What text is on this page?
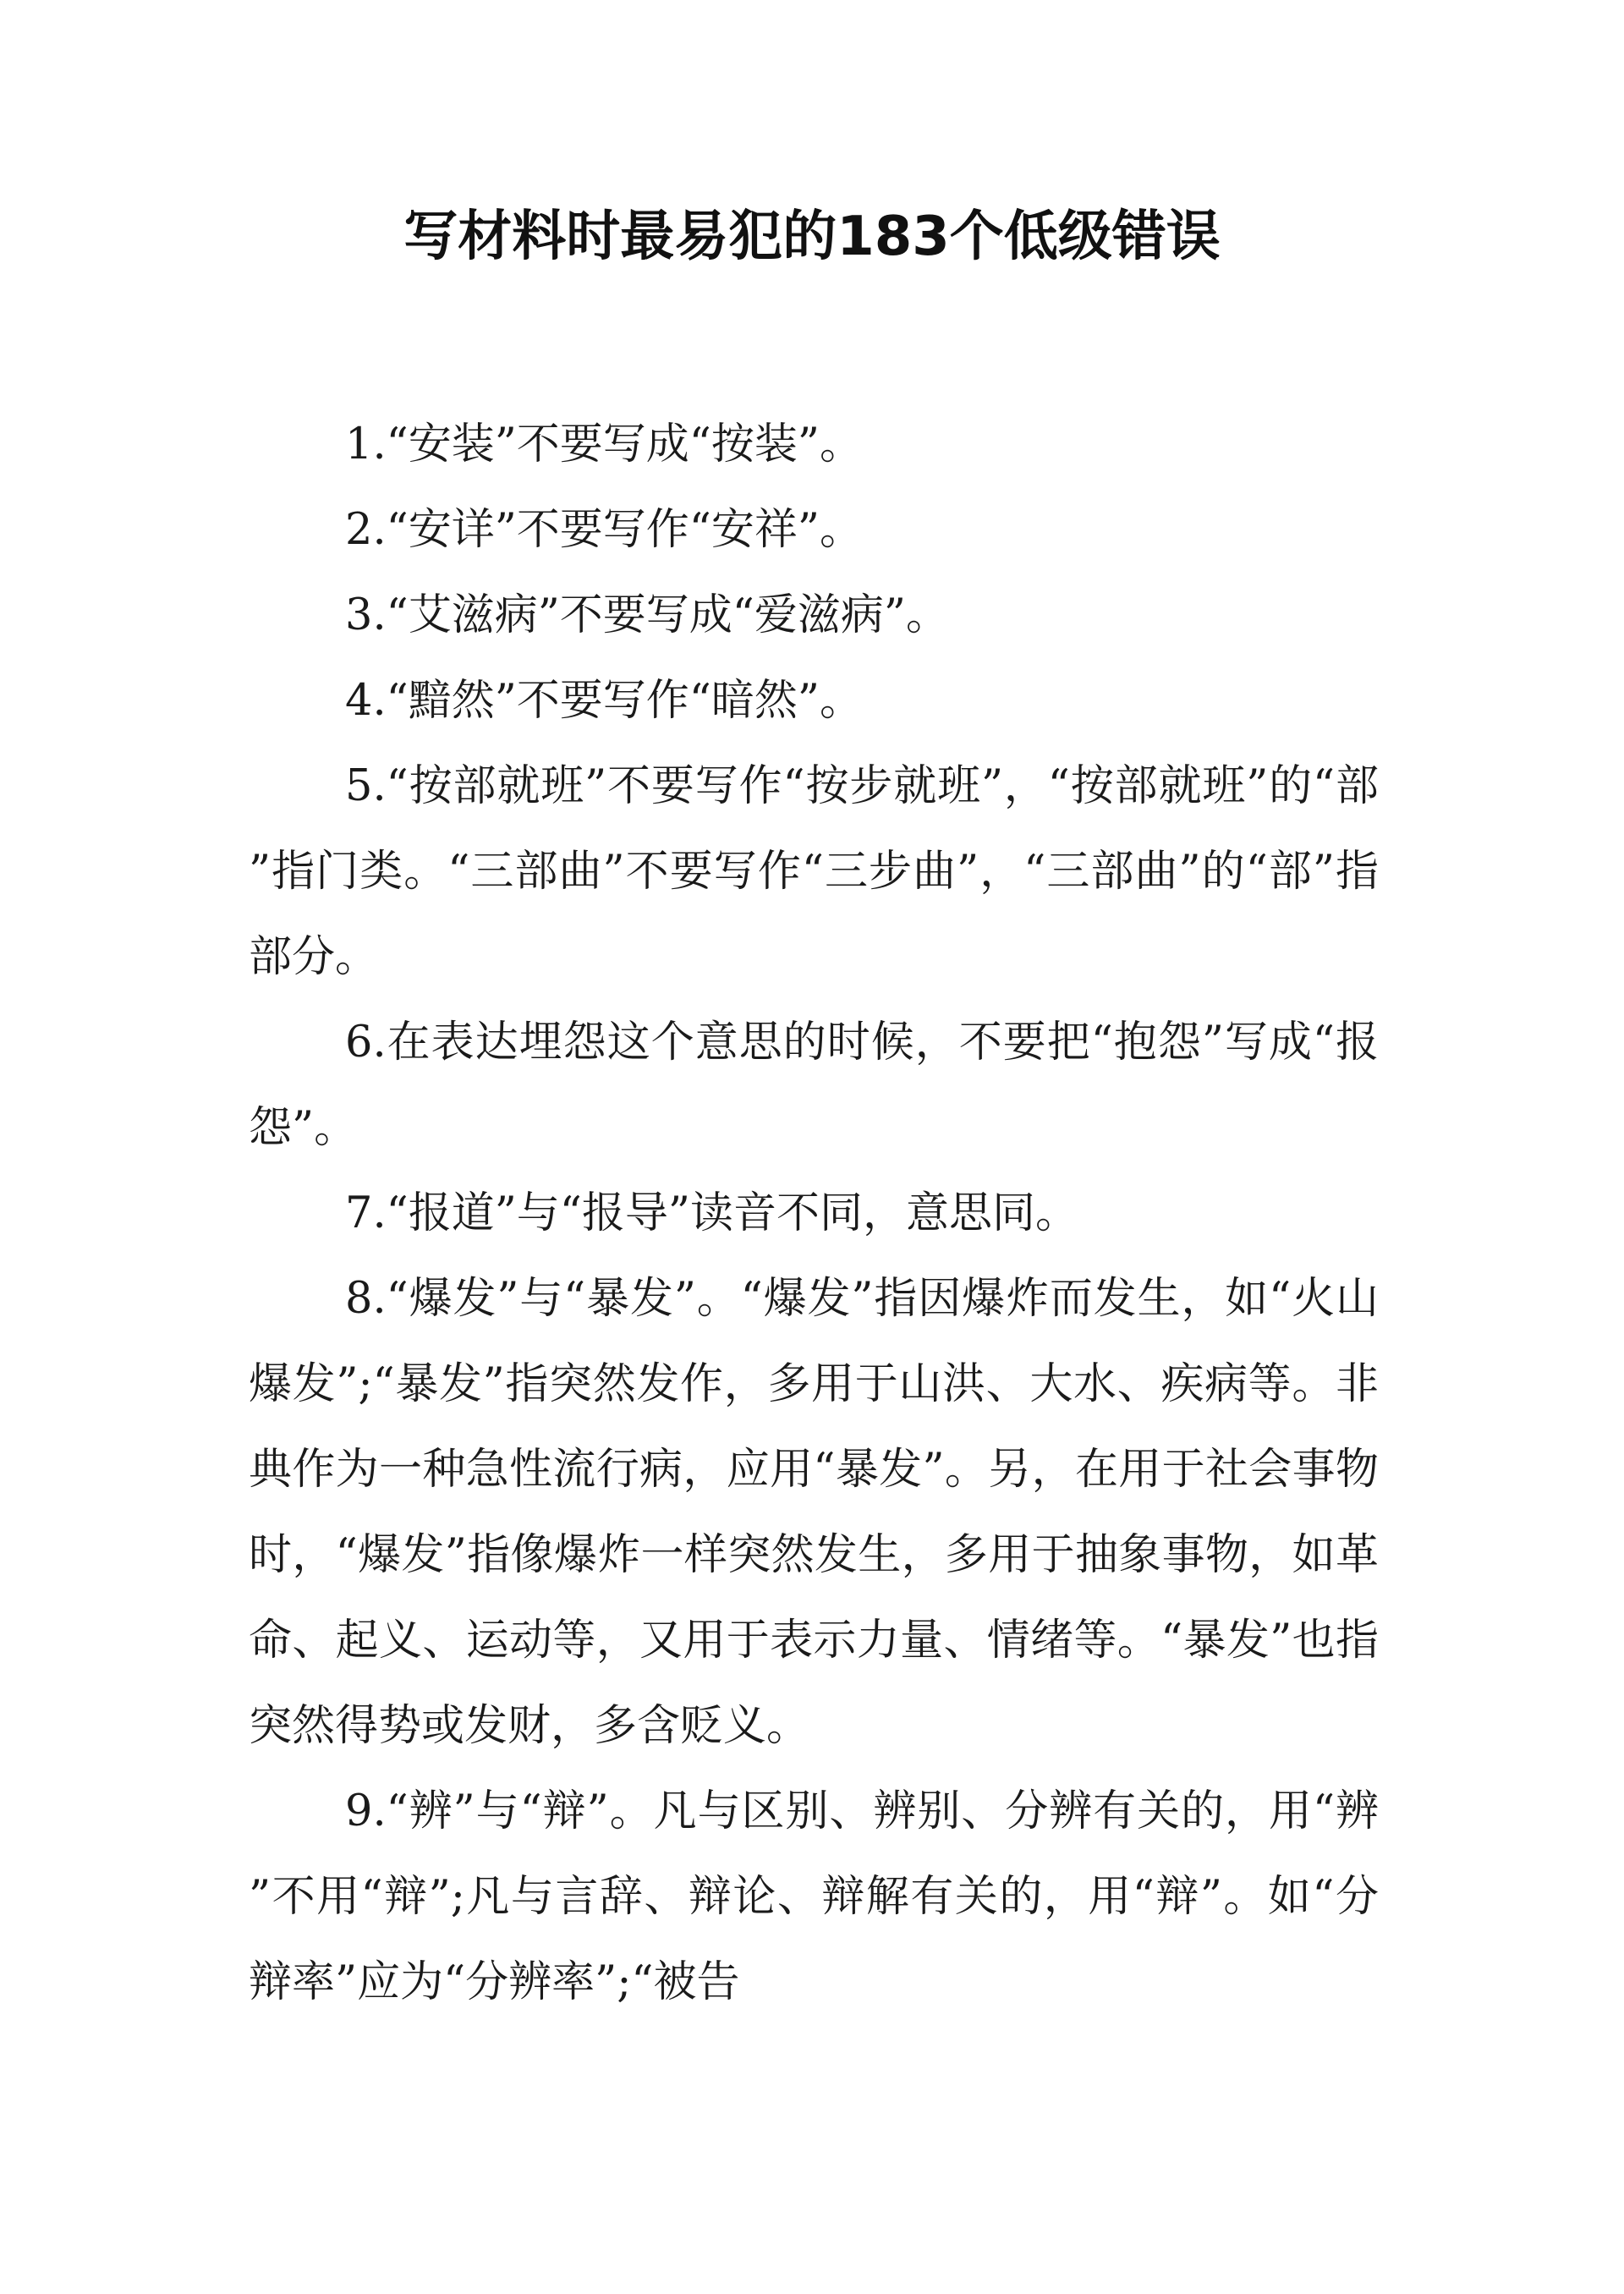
写材料时最易犯的183个低级错误

1.“安装”不要写成“按装”。

2.“安详”不要写作“安祥”。

3.“艾滋病”不要写成“爱滋病”。

4.“黯然”不要写作“暗然”。

5.“按部就班”不要写作“按步就班”，“按部就班”的“部”指门类。“三部曲”不要写作“三步曲”，“三部曲”的“部”指部分。

6.在表达埋怨这个意思的时候，不要把“抱怨”写成“报怨”。

7.“报道”与“报导”读音不同，意思同。

8.“爆发”与“暴发”。“爆发”指因爆炸而发生，如“火山爆发”;“暴发”指突然发作，多用于山洪、大水、疾病等。非典作为一种急性流行病，应用“暴发”。另，在用于社会事物时，“爆发”指像爆炸一样突然发生，多用于抽象事物，如革命、起义、运动等，又用于表示力量、情绪等。“暴发”也指突然得势或发财，多含贬义。

9.“辨”与“辩”。凡与区别、辨别、分辨有关的，用“辨”不用“辩”;凡与言辞、辩论、辩解有关的，用“辩”。如“分辩率”应为“分辨率”;“被告
